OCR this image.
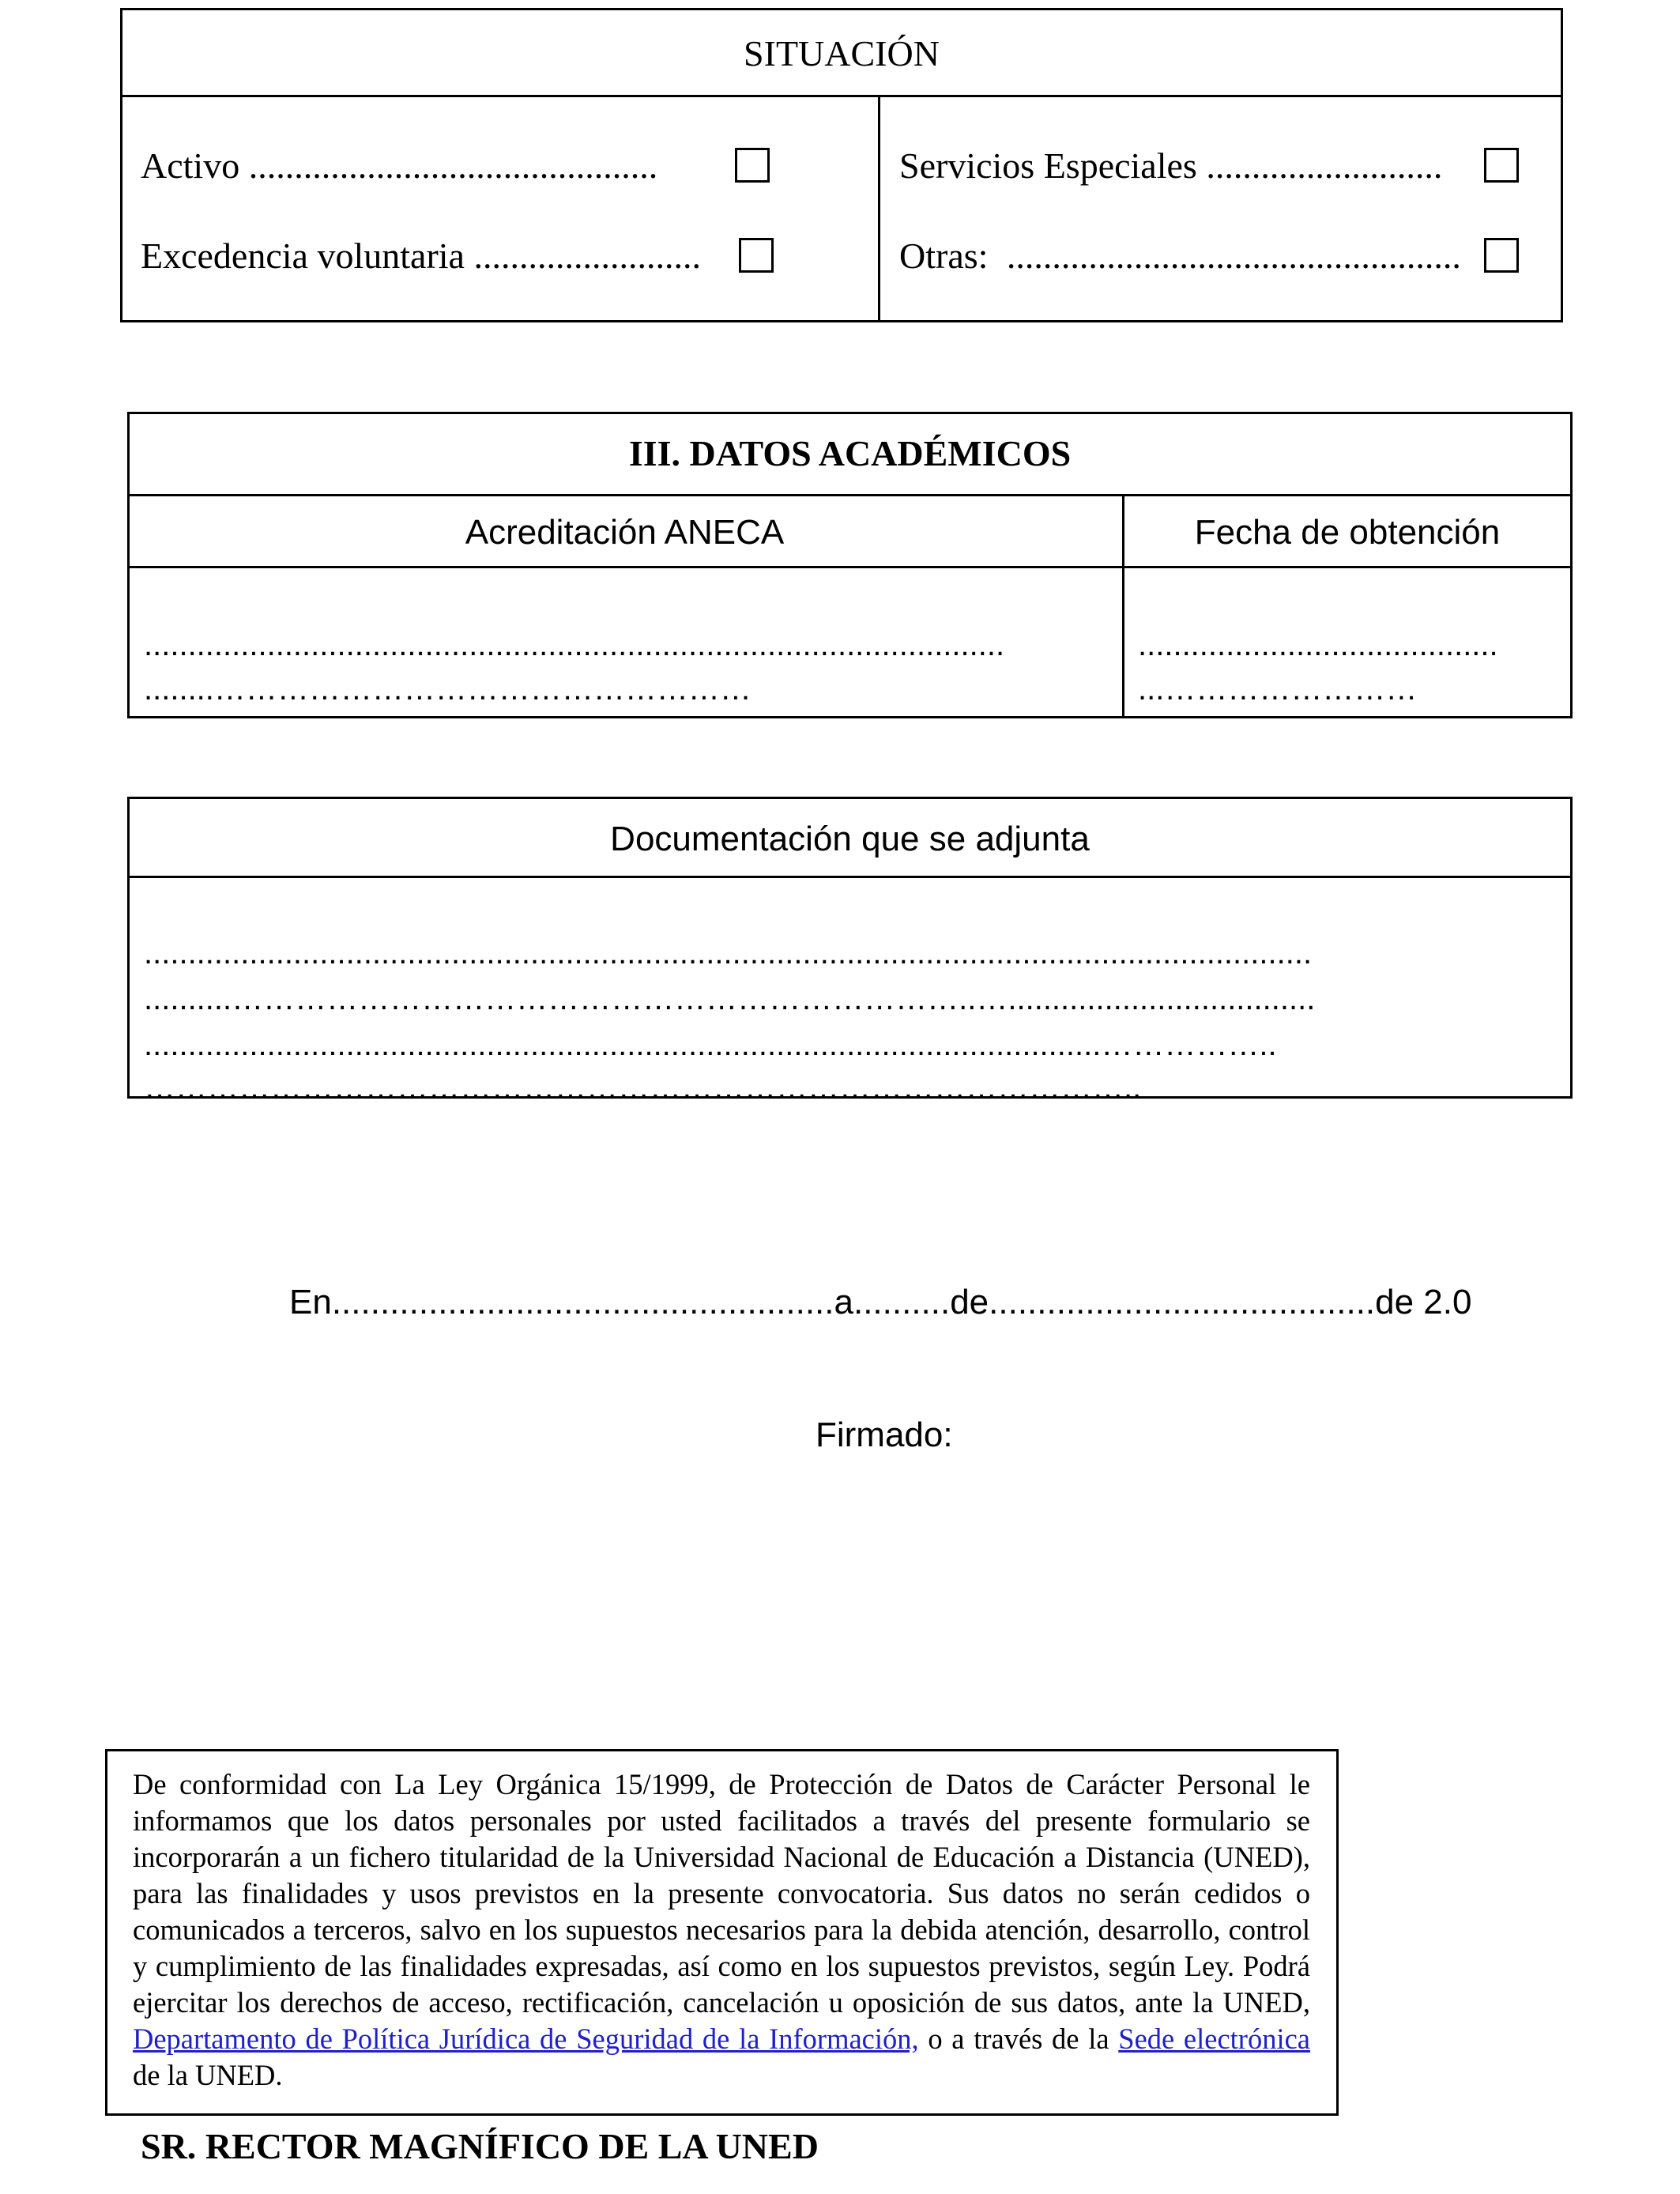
SITUACIÓN
Activo .............................................
Excedencia voluntaria .........................
Servicios Especiales ..........................
Otras: ..................................................
III. DATOS ACADÉMICOS
Acreditación ANECA	Fecha de obtención
..................................................................................................
........……………………………………………
.........................................
...……………………
Documentación que se adjunta
.....................................................................................................................................
..........……………………………………………………………..…...................................
.............................................................................................................……………..
…………………………………………………………………………………..
En....................................................a..........de........................................de 2.0
Firmado:
De conformidad con La Ley Orgánica 15/1999, de Protección de Datos de Carácter Personal le informamos que los datos personales por usted facilitados a través del presente formulario se incorporarán a un fichero titularidad de la Universidad Nacional de Educación a Distancia (UNED), para las finalidades y usos previstos en la presente convocatoria. Sus datos no serán cedidos o comunicados a terceros, salvo en los supuestos necesarios para la debida atención, desarrollo, control y cumplimiento de las finalidades expresadas, así como en los supuestos previstos, según Ley. Podrá ejercitar los derechos de acceso, rectificación, cancelación u oposición de sus datos, ante la UNED, Departamento de Política Jurídica de Seguridad de la Información, o a través de la Sede electrónica de la UNED.
SR. RECTOR MAGNÍFICO DE LA UNED
